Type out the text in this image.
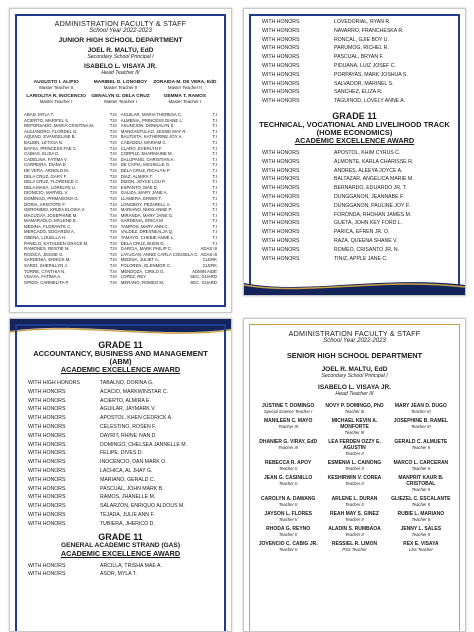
ADMINISTRATION FACULTY & STAFF
School Year 2022-2023
JUNIOR HIGH SCHOOL DEPARTMENT
JOEL R. MALTU, EdD
Secondary School Principal I
ISABELO L. VISAYA JR.
Head Teacher III
AUGUSTO I. ALIPIO
Master Teacher II
MARIBEL D. LONGBOY
Master Teacher II
ZORAIDA M. DE VERA, EdD
Master Teacher II
LARIOLITA R. INOCENCIO
Master Teacher I
GENALYN G. DELA CRUZ
Master Teacher I
GEMMA T. RAMOS
Master Teacher I
ABAD, MYLA T.	T.III
ACIERTO, MARIFEL S.	T.III
REPORSADO, MARIA CRISTINA M.	T.III
ALEJANDRO, FLORDEL G.	T.III
AQUINO, EVANGELINE B.	T.III
BALBIN, LETICIA N.	T.III
BAYSA, PRINCESS FAE C.	T.III
CABIAS, ELISA D.	T.III
CADELINA, FATIMA V.	T.III
CARREIRA, DIANA D.	T.III
DE VERA, ARNOLD M.	T.III
DELA CRUZ, GARY F.	T.III
DELA CRUZ, FLORENCE C.	T.III
DELA MASA, LORELYN U.	T.III
DIONICIO, MARVEL V.	T.III
DOMINGO, PRIMADONA G.	T.III
DORIA, ARISTOTE F.	T.III
GERONIMO, KRIZIA ELOISA V.	T.III
MACUGAY, JOSEPHINE M.	T.III
MAMARADLO, MYLENE E.	T.III
MEDINA, FLORANTE C.	T.III
MERCADO, EDGARDO A.	T.III
OBENA, LOUELLA H.	T.III
PANELO, KATHLEEN GRACE M.	T.III
RAMONES, RESTIE M.	T.III
RODICA, JESSIE G.	T.III
SARDENIA, ENRICK M.	T.III
SARIO, SHERILLYN J.	T.III
TORRE, CYNTHIA N.	T.III
VISAYA, FATIMA A.	T.III
OPIDO, CARMELITA P.	T.III
AGUILAR, MARIA THERESA C.	T.I
ALMENIA, PRINCESS DIANE L.	T.I
ASUNCION, DONNALYN S.	T.I
MANGANTULAO, JESSIE MAY R.	T.I
BAUTISTA, KATHERINE JOY A.	T.I
CABADDU, MARIAM C.	T.I
CLARO, EVERLYN F.	T.I
CORPUZ, SHARMAINE M.	T.I
DALUPANG, CHRISTIAN A.	T.I
DE CAPIA, MICHELLE G.	T.I
DELA CRUZ, RICALYN P.	T.I
DIAZ, ALMIRA T.	T.I
DIZON, JOYCE LOU P.	T.I
ESPANTO, MAE D.	T.I
GALIZA, MARY JANE A.	T.I
LLAMERA, ERWIN T.	T.I
LONGBOY, PEZARELL A.	T.I
MARIANO, NIKKI ANNE P.	T.I
MIRANDA, MARY JANE G.	T.I
SARDENIA, ERICA M.	T.I
TAMPOS, MARY ANN C.	T.I
VALDEZ, DREXNEALJA Q.	T.I
TAMAYO, CHEBIE ANNE L.	T.I
DELA CRUZ, BUEN D.	T.I
GARCIA, MARK PHILIP C.	ADAS III
LAYUGAN, ANNIE CARLA COUSELA C. ADAS III
MEDINA, JULIET A.	CLERK
FOLOREN, GLENMOR C.	CLERK
MENDOZA, CIRILO G.	ADMIN AIDE
LOPEZ, REY.	SEC. GUARD
MERANO, ROMEO M.	SEC. GUARD
WITH HONORS	LOVEDORIAL, RYAN R.
WITH HONORS	NAVARRO, FRANCHESKA R.
WITH HONORS	RONCAL, GJIE BOY U.
WITH HONORS	PARUMOG, RICHEL R.
WITH HONORS	PASCUAL, BRYAN F.
WITH HONORS	PIDUANA, LUIZ JOSEF C.
WITH HONORS	PORPAYAS, MARK JOSHUA S.
WITH HONORS	SALVADOR, MARINEL S.
WITH HONORS	SANCHEZ, ELIZA R.
WITH HONORS	TAGUINOD, LOVELY ANNE A.
GRADE 11
TECHNICAL, VOCATIONAL AND LIVELIHOOD TRACK
(HOME ECONOMICS)
ACADEMIC EXCELLENCE AWARD
WITH HONORS	APOSTOL, KHIM CYRUS C.
WITH HONORS	ALMONTE, KARLA CHARISSE R.
WITH HONORS	ANDRES, ALEEYA JOYCE A.
WITH HONORS	BALTAZAR, ANGELICA MARIE M.
WITH HONORS	BERNARDO, EDUARDO JR. T.
WITH HONORS	DUNGGANON, JEANNABE F.
WITH HONORS	DUNGGANON, PAULINE JOY F.
WITH HONORS	FORONDA, RHOHAN JAMES M.
WITH HONORS	GUETA, JOHN KEY FORD L.
WITH HONORS	PARICA, EFREN JR. O.
WITH HONORS	RAZA, QUEENA SHANE V.
WITH HONORS	ROMEO, CRISANTO JR. N.
WITH HONORS	TINIZ, APPLE JANE C.
GRADE 11
ACCOUNTANCY, BUSINESS AND MANAGEMENT
(ABM)
ACADEMIC EXCELLENCE AWARD
WITH HIGH HONORS	TABALNO, DORINA G.
WITH HONORS	ACACIO, MARKWINSTAR C.
WITH HONORS	ACIERTO, ALMIRA E.
WITH HONORS	AGUILAR, JAYMARK V.
WITH HONORS	APOSTOL, KHEN CEDRICK A.
WITH HONORS	CELESTINO, ROSEN F.
WITH HONORS	DAYRIT, RHINE IVAN D.
WITH HONORS	DOMINGO, CHELSEA JANNELLE M.
WITH HONORS	FELIPE, DIVES D.
WITH HONORS	INOCENCIO, DAN MARK O.
WITH HONORS	LACHICA, AL JHAY G.
WITH HONORS	MARIANO, GERALD C.
WITH HONORS	PASCUAL, JOHN MARK B.
WITH HONORS	RAMOS, JHANELLE M.
WITH HONORS	SALARZON, ENRIQUO ALDOUS M.
WITH HONORS	TEJADA, JULIE ANN F.
WITH HONORS	TUBIERA, JHERICO D.
GRADE 11
GENERAL ACADEMIC STRAND (GAS)
ACADEMIC EXCELLENCE AWARD
WITH HONORS	ARCILLA, TRISHA MAE A.
WITH HONORS	ASOR, MYLA T.
ADMINISTRATION FACULTY & STAFF
School Year 2022-2023
SENIOR HIGH SCHOOL DEPARTMENT
JOEL R. MALTU, EdD
Secondary School Principal I
ISABELO L. VISAYA JR.
Head Teacher III
JUSTINE T. DOMINGO
Special Science Teacher I
NOVY P. DOMINGO, PhD
Teacher III
MARY JEAN D. DUGO
Teacher III
MANILEEN C. MAYO
Teacher III
MICHAEL KEVIN A. MONFORTE
Teacher III
JOSEPHINE B. RAMEL
Teacher III
DHANIER G. VIRAY, EdD
Teacher III
LEA FERDEN OZZY E. AGUSTIN
Teacher II
GERALD C. ALMUETE
Teacher II
REBECCA R. APOY
Teacher II
ESMENIA L. CAINONG
Teacher II
MARCO L. CARCERAN
Teacher II
JEAN G. CASINILLO
Teacher II
KESHIRWIN V. COREA
Teacher II
MANPRIT KAUR B. CRISTOBAL
Teacher II
CAROLYN A. DAWANG
Teacher II
ARLENE L. DURAN
Teacher II
GLIEZEL C. ESCALANTE
Teacher II
JAYSON L. FLORES
Teacher II
REAH MAY S. GINEZ
Teacher II
RUBIE L. MARIANO
Teacher II
RHODA G. REYNO
Teacher II
ALADIN S. RUMBAOA
Teacher II
JENNY L. SALES
Teacher II
JOVENCIO C. CABIG JR.
Teacher II
RESSIEL R. LIMON
PSS Teacher
REX E. VISAYA
LSS Teacher
